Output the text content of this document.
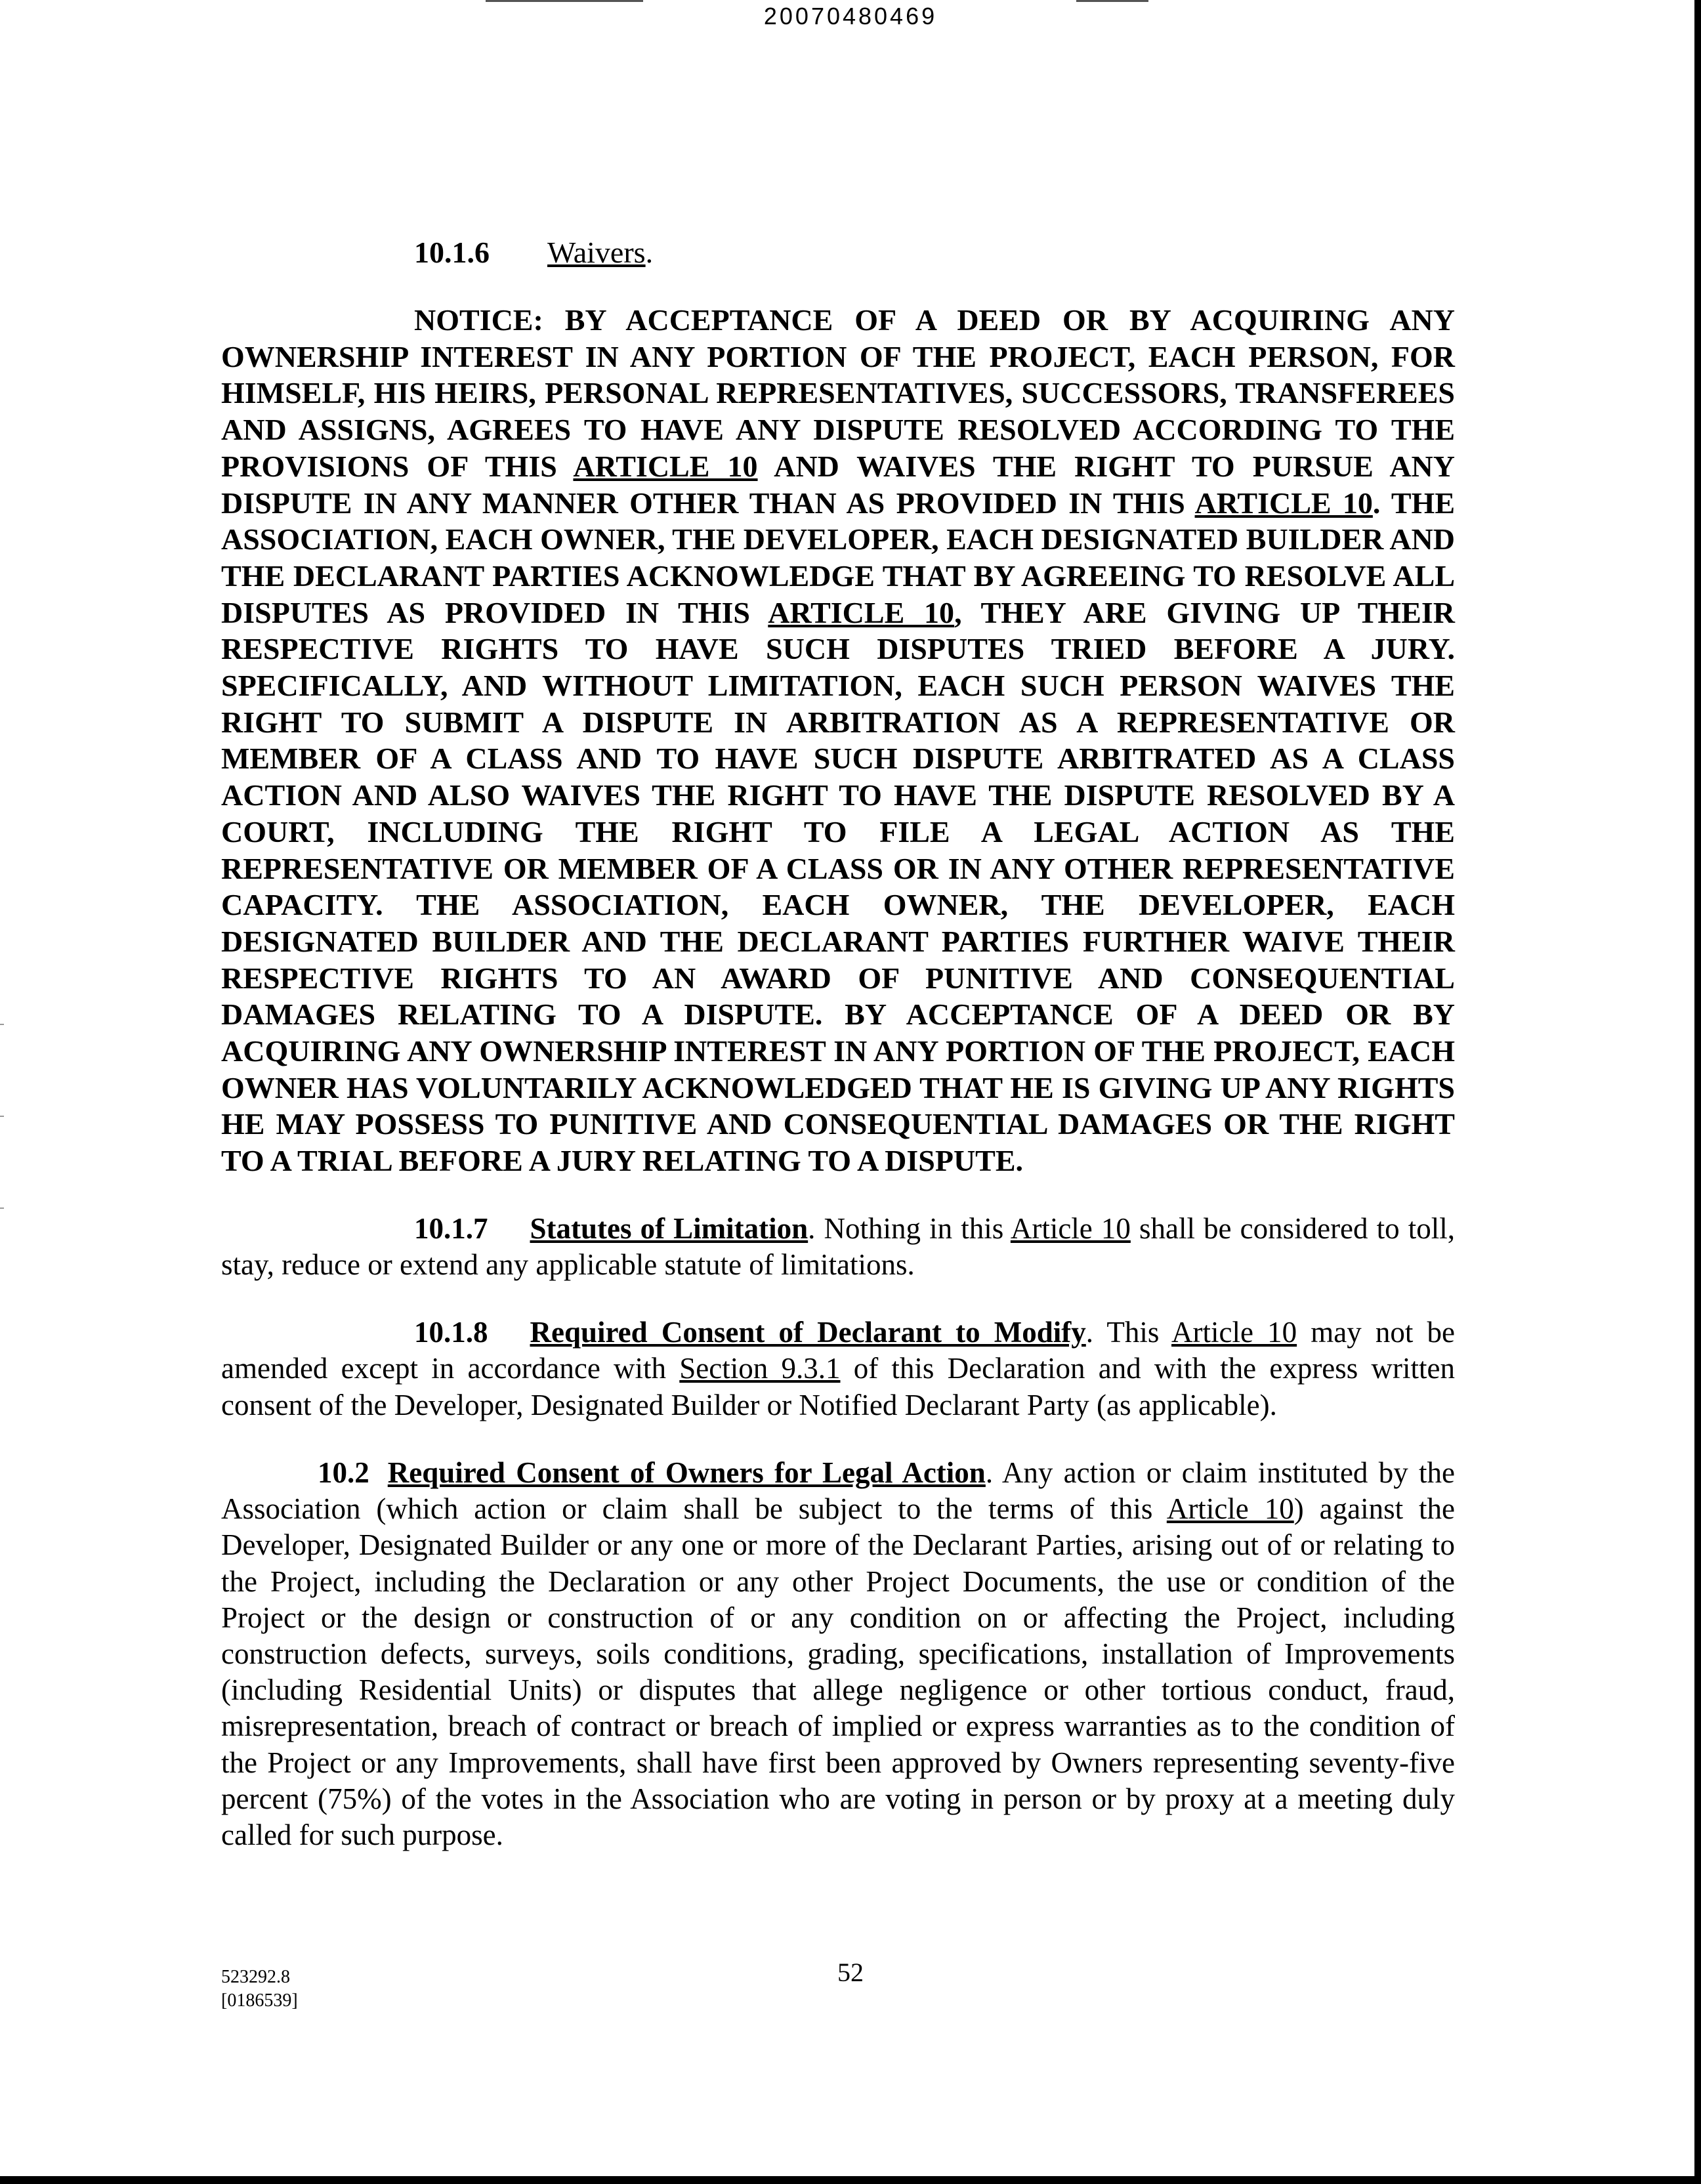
20070480469

10.1.6 Waivers.

NOTICE: BY ACCEPTANCE OF A DEED OR BY ACQUIRING ANY OWNERSHIP INTEREST IN ANY PORTION OF THE PROJECT, EACH PERSON, FOR HIMSELF, HIS HEIRS, PERSONAL REPRESENTATIVES, SUCCESSORS, TRANSFEREES AND ASSIGNS, AGREES TO HAVE ANY DISPUTE RESOLVED ACCORDING TO THE PROVISIONS OF THIS ARTICLE 10 AND WAIVES THE RIGHT TO PURSUE ANY DISPUTE IN ANY MANNER OTHER THAN AS PROVIDED IN THIS ARTICLE 10. THE ASSOCIATION, EACH OWNER, THE DEVELOPER, EACH DESIGNATED BUILDER AND THE DECLARANT PARTIES ACKNOWLEDGE THAT BY AGREEING TO RESOLVE ALL DISPUTES AS PROVIDED IN THIS ARTICLE 10, THEY ARE GIVING UP THEIR RESPECTIVE RIGHTS TO HAVE SUCH DISPUTES TRIED BEFORE A JURY. SPECIFICALLY, AND WITHOUT LIMITATION, EACH SUCH PERSON WAIVES THE RIGHT TO SUBMIT A DISPUTE IN ARBITRATION AS A REPRESENTATIVE OR MEMBER OF A CLASS AND TO HAVE SUCH DISPUTE ARBITRATED AS A CLASS ACTION AND ALSO WAIVES THE RIGHT TO HAVE THE DISPUTE RESOLVED BY A COURT, INCLUDING THE RIGHT TO FILE A LEGAL ACTION AS THE REPRESENTATIVE OR MEMBER OF A CLASS OR IN ANY OTHER REPRESENTATIVE CAPACITY. THE ASSOCIATION, EACH OWNER, THE DEVELOPER, EACH DESIGNATED BUILDER AND THE DECLARANT PARTIES FURTHER WAIVE THEIR RESPECTIVE RIGHTS TO AN AWARD OF PUNITIVE AND CONSEQUENTIAL DAMAGES RELATING TO A DISPUTE. BY ACCEPTANCE OF A DEED OR BY ACQUIRING ANY OWNERSHIP INTEREST IN ANY PORTION OF THE PROJECT, EACH OWNER HAS VOLUNTARILY ACKNOWLEDGED THAT HE IS GIVING UP ANY RIGHTS HE MAY POSSESS TO PUNITIVE AND CONSEQUENTIAL DAMAGES OR THE RIGHT TO A TRIAL BEFORE A JURY RELATING TO A DISPUTE.

10.1.7 Statutes of Limitation. Nothing in this Article 10 shall be considered to toll, stay, reduce or extend any applicable statute of limitations.

10.1.8 Required Consent of Declarant to Modify. This Article 10 may not be amended except in accordance with Section 9.3.1 of this Declaration and with the express written consent of the Developer, Designated Builder or Notified Declarant Party (as applicable).

10.2 Required Consent of Owners for Legal Action. Any action or claim instituted by the Association (which action or claim shall be subject to the terms of this Article 10) against the Developer, Designated Builder or any one or more of the Declarant Parties, arising out of or relating to the Project, including the Declaration or any other Project Documents, the use or condition of the Project or the design or construction of or any condition on or affecting the Project, including construction defects, surveys, soils conditions, grading, specifications, installation of Improvements (including Residential Units) or disputes that allege negligence or other tortious conduct, fraud, misrepresentation, breach of contract or breach of implied or express warranties as to the condition of the Project or any Improvements, shall have first been approved by Owners representing seventy-five percent (75%) of the votes in the Association who are voting in person or by proxy at a meeting duly called for such purpose.

52
523292.8
[0186539]
